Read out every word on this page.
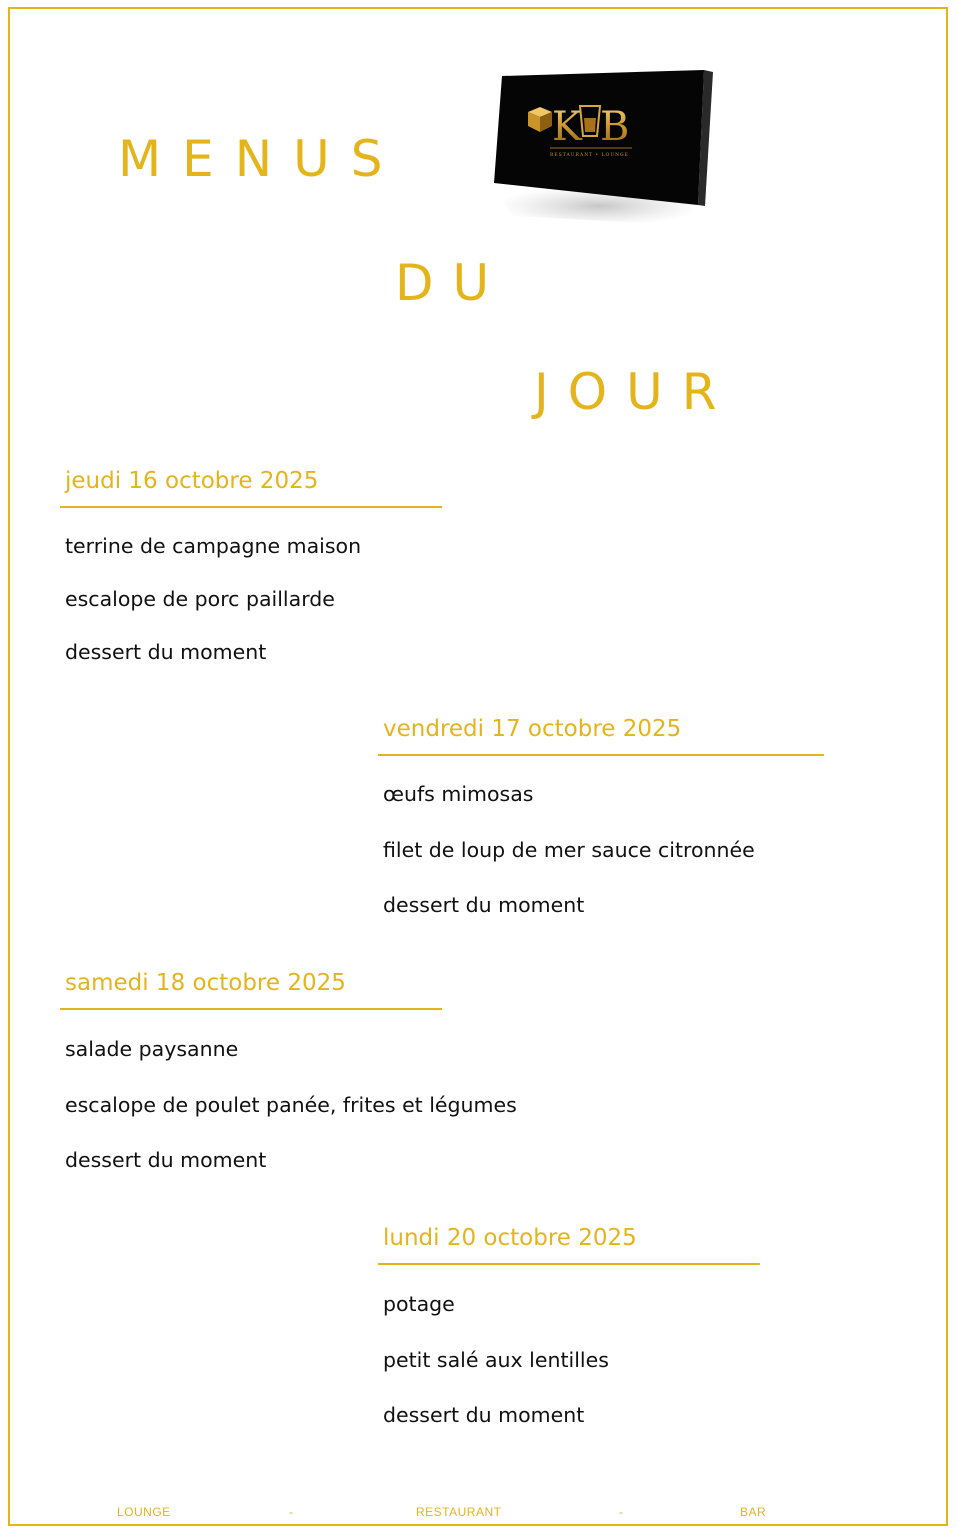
MENUS
DU
JOUR
K B
RESTAURANT • LOUNGE
jeudi 16 octobre 2025
terrine de campagne maison
escalope de porc paillarde
dessert du moment
vendredi 17 octobre 2025
œufs mimosas
filet de loup de mer sauce citronnée
dessert du moment
samedi 18 octobre 2025
salade paysanne
escalope de poulet panée, frites et légumes
dessert du moment
lundi 20 octobre 2025
potage
petit salé aux lentilles
dessert du moment
LOUNGE	-	RESTAURANT	-	BAR
